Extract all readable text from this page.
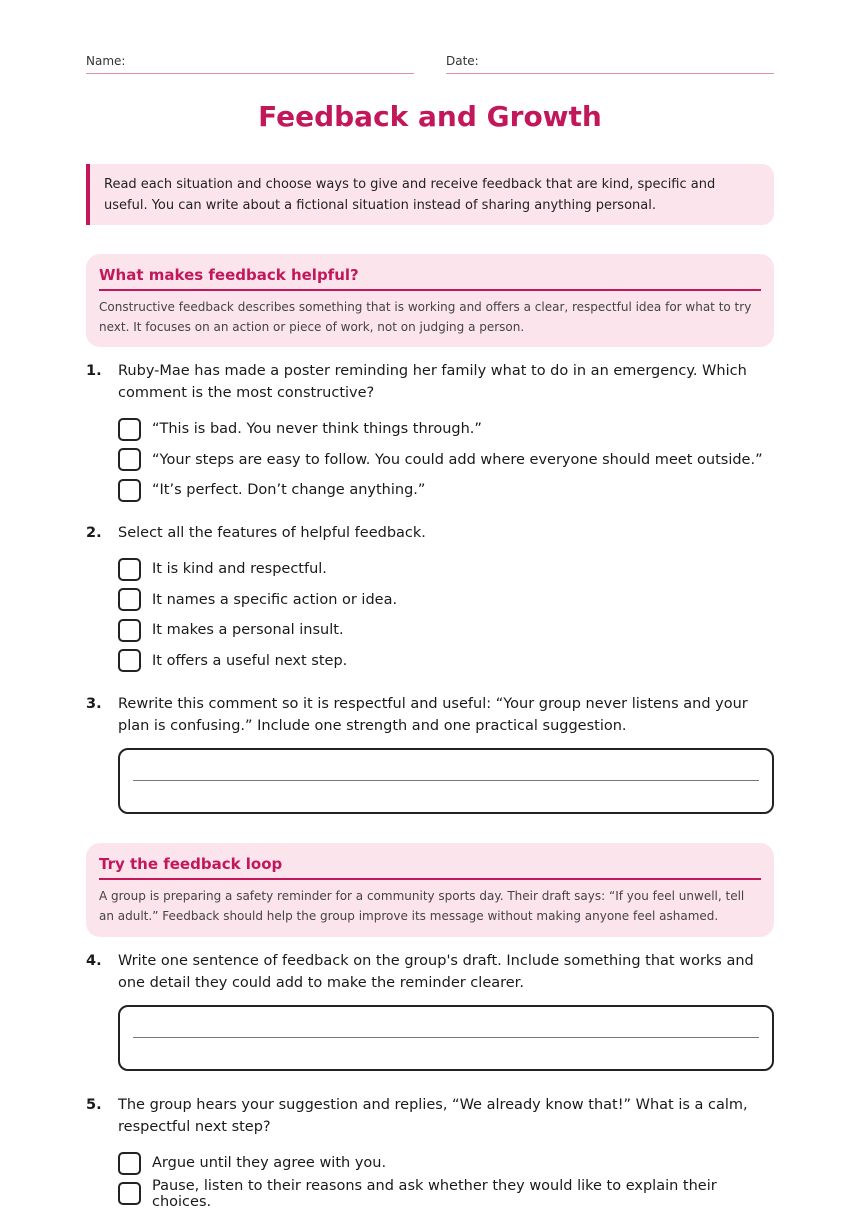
Name:	Date:
Feedback and Growth
Read each situation and choose ways to give and receive feedback that are kind, specific and useful. You can write about a fictional situation instead of sharing anything personal.
What makes feedback helpful?
Constructive feedback describes something that is working and offers a clear, respectful idea for what to try next. It focuses on an action or piece of work, not on judging a person.
1.	Ruby-Mae has made a poster reminding her family what to do in an emergency. Which comment is the most constructive?
“This is bad. You never think things through.”
“Your steps are easy to follow. You could add where everyone should meet outside.”
“It’s perfect. Don’t change anything.”
2.	Select all the features of helpful feedback.
It is kind and respectful.
It names a specific action or idea.
It makes a personal insult.
It offers a useful next step.
3.	Rewrite this comment so it is respectful and useful: “Your group never listens and your plan is confusing.” Include one strength and one practical suggestion.
Try the feedback loop
A group is preparing a safety reminder for a community sports day. Their draft says: “If you feel unwell, tell an adult.” Feedback should help the group improve its message without making anyone feel ashamed.
4.	Write one sentence of feedback on the group's draft. Include something that works and one detail they could add to make the reminder clearer.
5.	The group hears your suggestion and replies, “We already know that!” What is a calm, respectful next step?
Argue until they agree with you.
Pause, listen to their reasons and ask whether they would like to explain their choices.
